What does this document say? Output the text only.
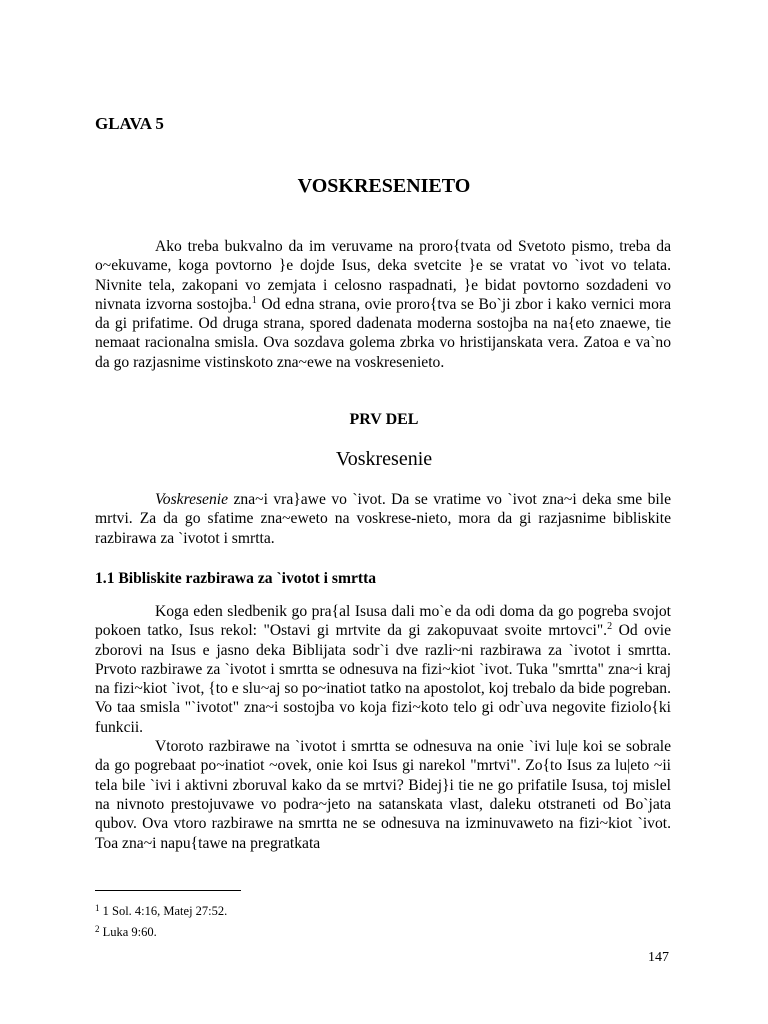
GLAVA 5
VOSKRESENIETO

Ako treba bukvalno da im veruvame na proro{tvata od Svetoto pismo, treba da o~ekuvame, koga povtorno }e dojde Isus, deka svetcite }e se vratat vo `ivot vo telata. Nivnite tela, zakopani vo zemjata i celosno raspadnati, }e bidat povtorno sozdadeni vo nivnata izvorna sostojba.$^1$ Od edna strana, ovie proro{tva se Bo`ji zbor i kako vernici mora da gi prifatime. Od druga strana, spored dadenata moderna sostojba na na{eto znaewe, tie nemaat racionalna smisla. Ova sozdava golema zbrka vo hristijanskata vera. Zatoa e va`no da go razjasnime vistinskoto zna~ewe na voskresenieto.

PRV DEL
Voskresenie

Voskresenie zna~i vra}awe vo `ivot. Da se vratime vo `ivot zna~i deka sme bile mrtvi. Za da go sfatime zna~eweto na voskrese-nieto, mora da gi razjasnime bibliskite razbirawa za `ivotot i smrtta.

1.1 Bibliskite razbirawa za `ivotot i smrtta

Koga eden sledbenik go pra{al Isusa dali mo`e da odi doma da go pogreba svojot pokoen tatko, Isus rekol: "Ostavi gi mrtvite da gi zakopuvaat svoite mrtovci".$^2$ Od ovie zborovi na Isus e jasno deka Biblijata sodr`i dve razli~ni razbirawa za `ivotot i smrtta. Prvoto razbirawe za `ivotot i smrtta se odnesuva na fizi~kiot `ivot. Tuka "smrtta" zna~i kraj na fizi~kiot `ivot, {to e slu~aj so po~inatiot tatko na apostolot, koj trebalo da bide pogreban. Vo taa smisla "`ivotot" zna~i sostojba vo koja fizi~koto telo gi odr`uva negovite fiziolo{ki funkcii.

Vtoroto razbirawe na `ivotot i smrtta se odnesuva na onie `ivi lu|e koi se sobrale da go pogrebaat po~inatiot ~ovek, onie koi Isus gi narekol "mrtvi". Zo{to Isus za lu|eto ~ii tela bile `ivi i aktivni zboruval kako da se mrtvi? Bidej}i tie ne go prifatile Isusa, toj mislel na nivnoto prestojuvawe vo podra~jeto na satanskata vlast, daleku otstraneti od Bo`jata qubov. Ova vtoro razbirawe na smrtta ne se odnesuva na izminuvaweto na fizi~kiot `ivot. Toa zna~i napu{tawe na pregratkata

$^1$ 1 Sol. 4:16, Matej 27:52.
$^2$ Luka 9:60.
147
